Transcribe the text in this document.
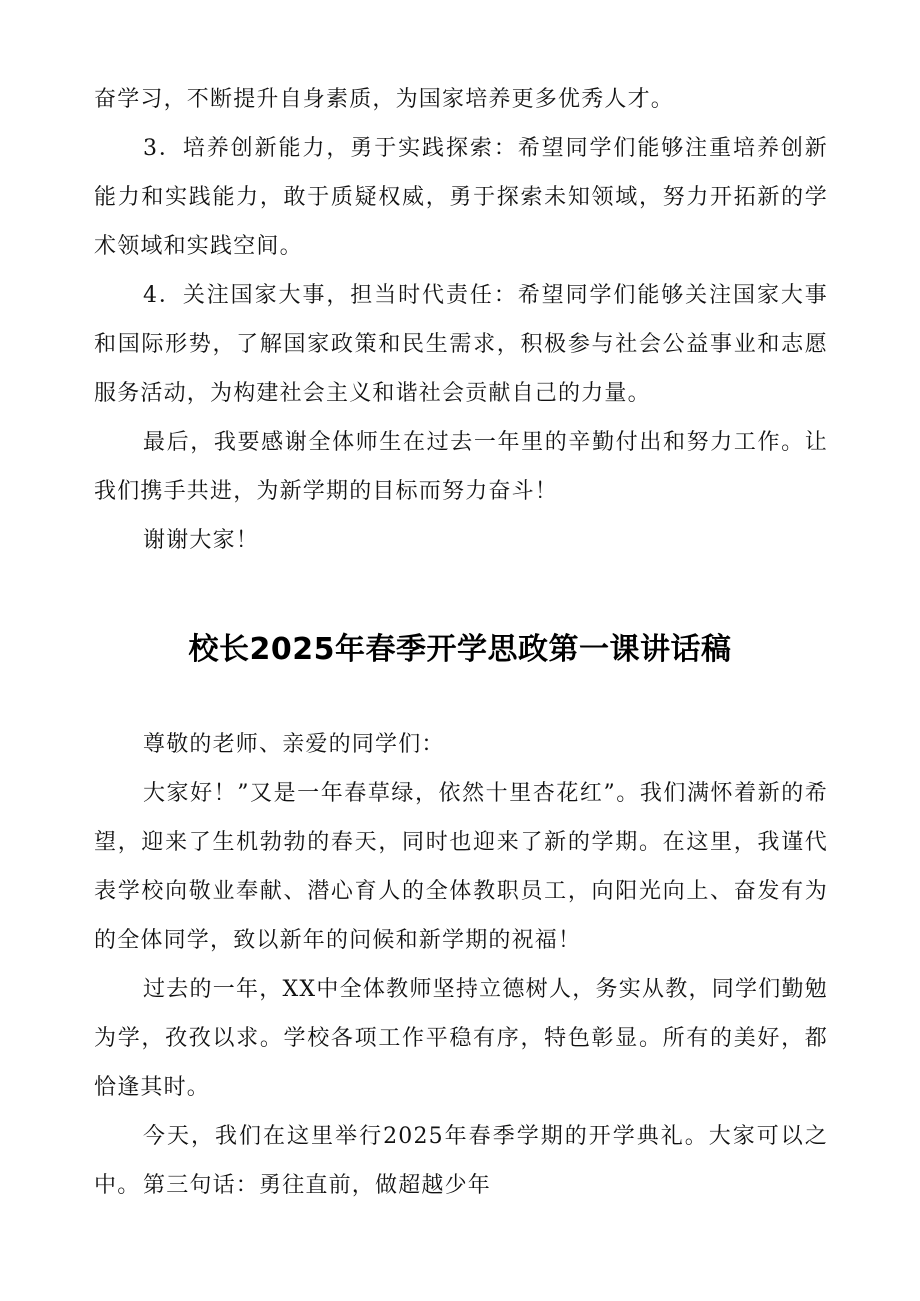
奋学习，不断提升自身素质，为国家培养更多优秀人才。

3．培养创新能力，勇于实践探索：希望同学们能够注重培养创新能力和实践能力，敢于质疑权威，勇于探索未知领域，努力开拓新的学术领域和实践空间。

4．关注国家大事，担当时代责任：希望同学们能够关注国家大事和国际形势，了解国家政策和民生需求，积极参与社会公益事业和志愿服务活动，为构建社会主义和谐社会贡献自己的力量。

最后，我要感谢全体师生在过去一年里的辛勤付出和努力工作。让我们携手共进，为新学期的目标而努力奋斗！

谢谢大家！

校长2025年春季开学思政第一课讲话稿

尊敬的老师、亲爱的同学们：

大家好！”又是一年春草绿，依然十里杏花红”。我们满怀着新的希望，迎来了生机勃勃的春天，同时也迎来了新的学期。在这里，我谨代表学校向敬业奉献、潜心育人的全体教职员工，向阳光向上、奋发有为的全体同学，致以新年的问候和新学期的祝福！

过去的一年，XX中全体教师坚持立德树人，务实从教，同学们勤勉为学，孜孜以求。学校各项工作平稳有序，特色彰显。所有的美好，都恰逢其时。

今天，我们在这里举行2025年春季学期的开学典礼。大家可以之中。 第三句话：勇往直前，做超越少年
